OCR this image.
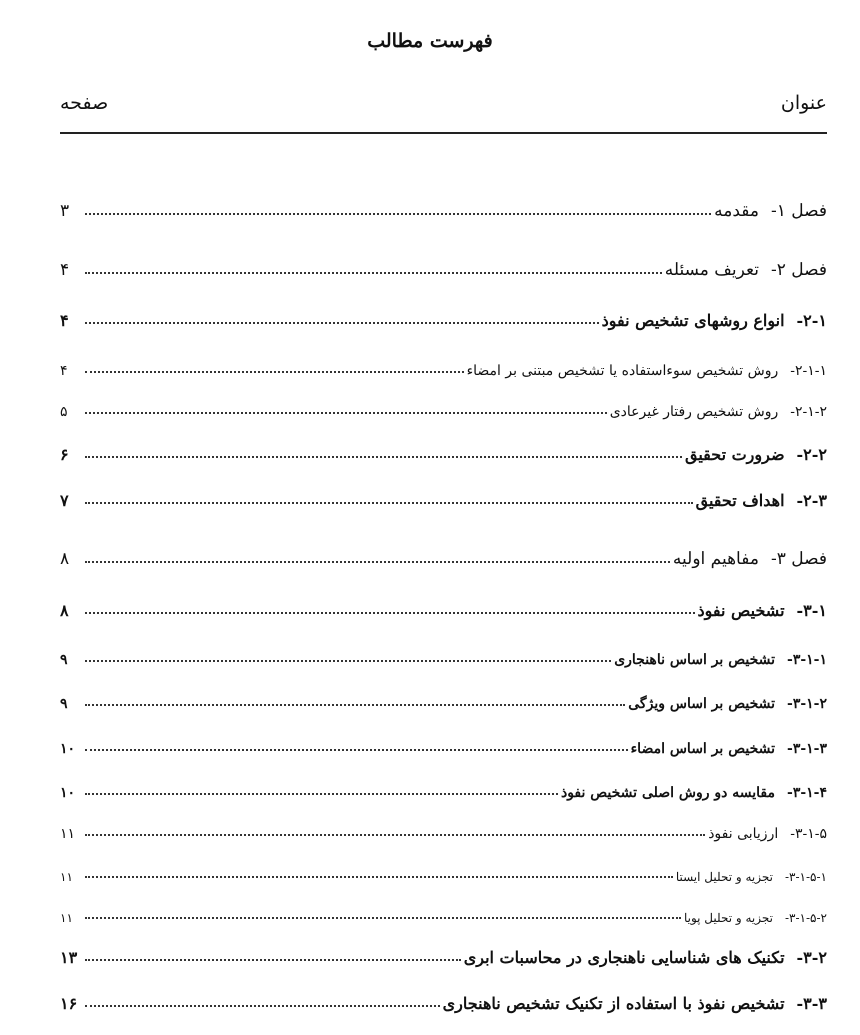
فهرست مطالب
عنوان
صفحه
فصل ۱-
مقدمه
۳
فصل ۲-
تعریف مسئله
۴
۲-۱-
انواع روشهای تشخیص نفوذ
۴
۲-۱-۱-
روش تشخیص سوءاستفاده یا تشخیص مبتنی بر امضاء
۴
۲-۱-۲-
روش تشخیص رفتار غیرعادی
۵
۲-۲-
ضرورت تحقیق
۶
۲-۳-
اهداف تحقیق
۷
فصل ۳-
مفاهیم اولیه
۸
۳-۱-
تشخیص نفوذ
۸
۳-۱-۱-
تشخیص بر اساس ناهنجاری
۹
۳-۱-۲-
تشخیص بر اساس ویژگی
۹
۳-۱-۳-
تشخیص بر اساس امضاء
۱۰
۳-۱-۴-
مقایسه دو روش اصلی تشخیص نفوذ
۱۰
۳-۱-۵-
ارزیابی نفوذ
۱۱
۳-۱-۵-۱-
تجزیه و تحلیل ایستا
۱۱
۳-۱-۵-۲-
تجزیه و تحلیل پویا
۱۱
۳-۲-
تکنیک های شناسایی ناهنجاری در محاسبات ابری
۱۳
۳-۳-
تشخیص نفوذ با استفاده از تکنیک تشخیص ناهنجاری
۱۶
